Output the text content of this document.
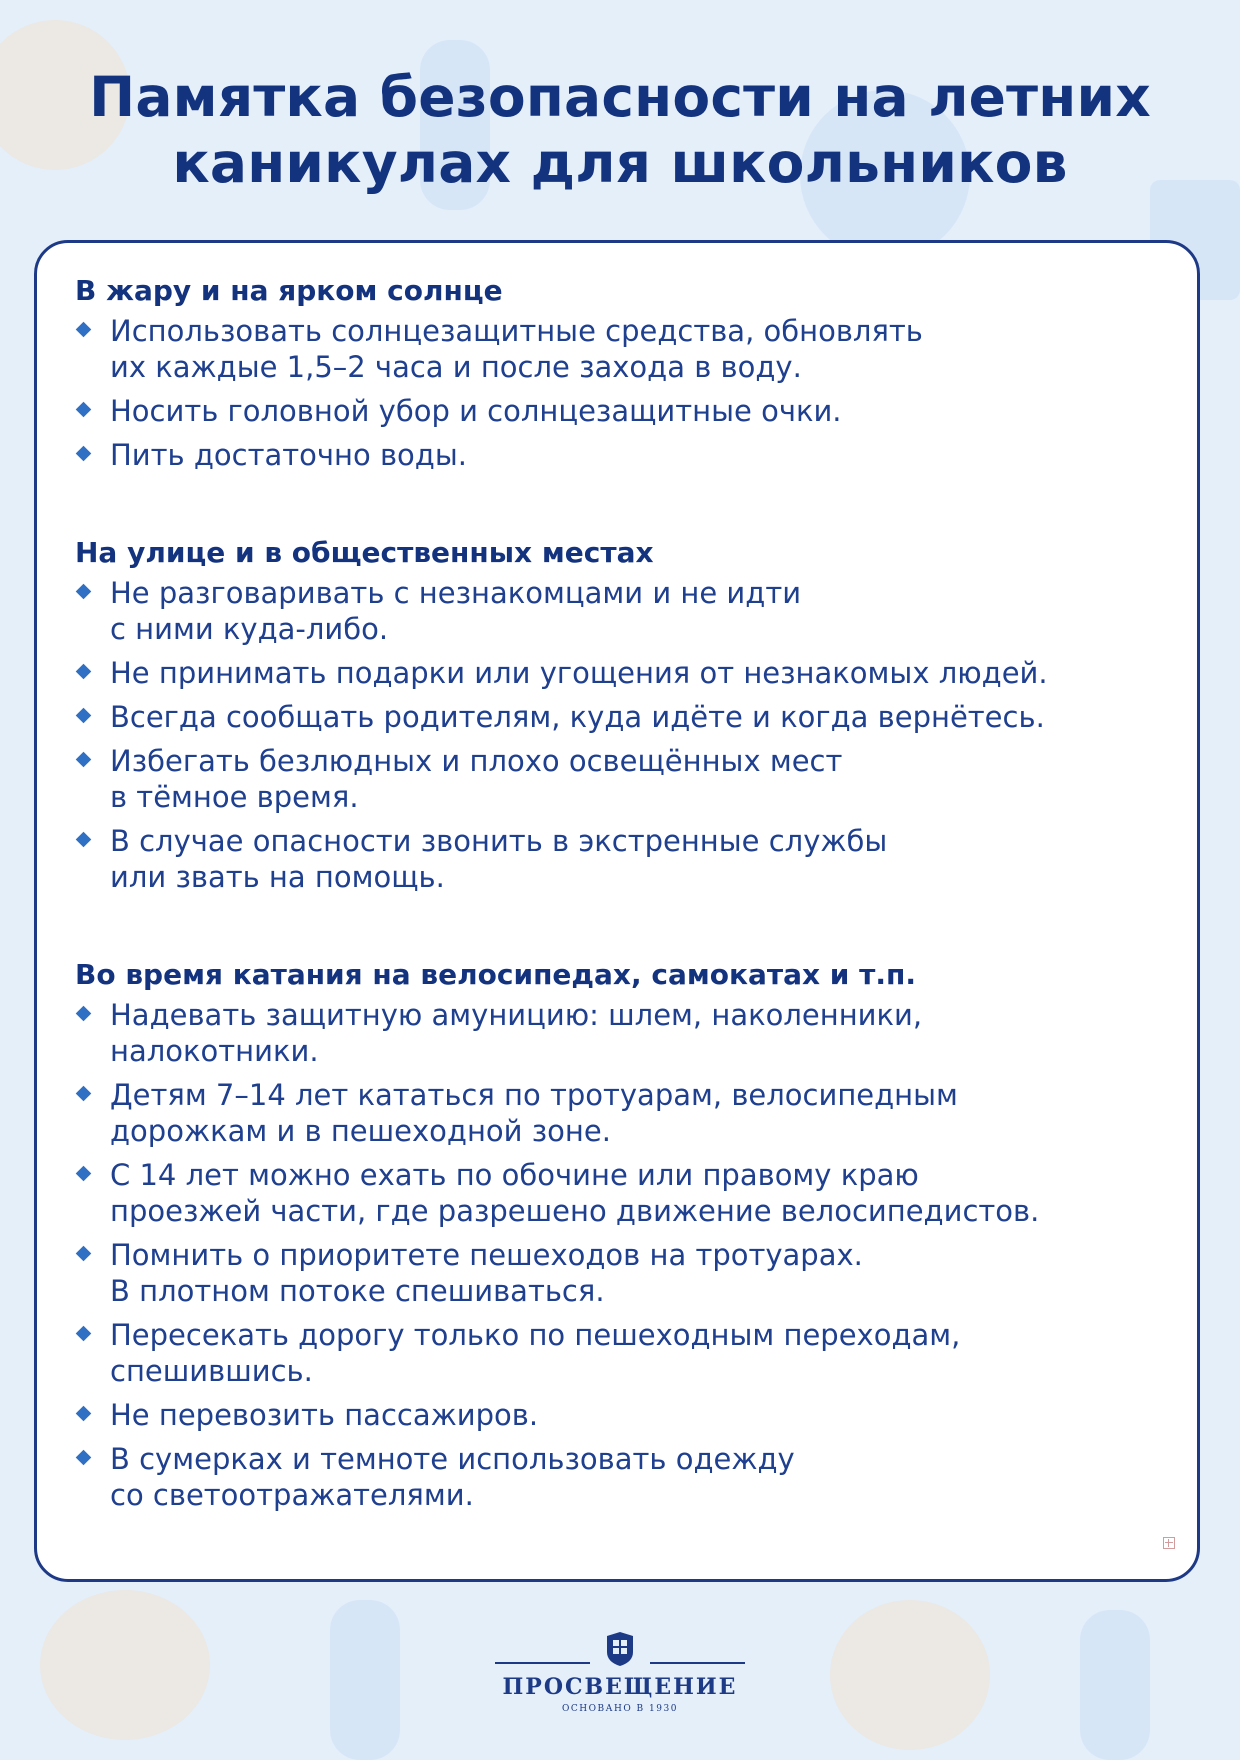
Памятка безопасности на летних
каникулах для школьников
В жару и на ярком солнце
Использовать солнцезащитные средства, обновлять
их каждые 1,5–2 часа и после захода в воду.
Носить головной убор и солнцезащитные очки.
Пить достаточно воды.
На улице и в общественных местах
Не разговаривать с незнакомцами и не идти
с ними куда-либо.
Не принимать подарки или угощения от незнакомых людей.
Всегда сообщать родителям, куда идёте и когда вернётесь.
Избегать безлюдных и плохо освещённых мест
в тёмное время.
В случае опасности звонить в экстренные службы
или звать на помощь.
Во время катания на велосипедах, самокатах и т.п.
Надевать защитную амуницию: шлем, наколенники,
налокотники.
Детям 7–14 лет кататься по тротуарам, велосипедным
дорожкам и в пешеходной зоне.
С 14 лет можно ехать по обочине или правому краю
проезжей части, где разрешено движение велосипедистов.
Помнить о приоритете пешеходов на тротуарах.
В плотном потоке спешиваться.
Пересекать дорогу только по пешеходным переходам,
спешившись.
Не перевозить пассажиров.
В сумерках и темноте использовать одежду
со светоотражателями.
ПРОСВЕЩЕНИЕ
ОСНОВАНО В 1930
